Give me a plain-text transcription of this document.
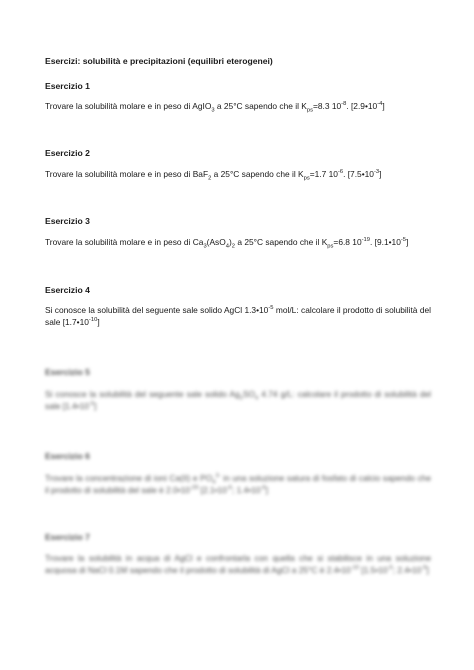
Esercizi: solubilità e precipitazioni (equilibri eterogenei)
Esercizio 1
Trovare la solubilità molare e in peso di AgIO$_3$ a 25°C sapendo che il $K_{ps}=8.3$ $10^{-8}$. $[2.9•10^{-4}]$
Esercizio 2
Trovare la solubilità molare e in peso di BaF$_2$ a 25°C sapendo che il $K_{ps}=1.7$ $10^{-6}$. $[7.5•10^{-3}]$
Esercizio 3
Trovare la solubilità molare e in peso di $Ca_3(AsO_4)_2$ a 25°C sapendo che il $K_{ps}=6.8$ $10^{-19}$. $[9.1•10^{-5}]$
Esercizio 4
Si conosce la solubilità del seguente sale solido AgCl $1.3•10^{-5}$ mol/L: calcolare il prodotto di solubilità del sale $[1.7•10^{-10}]$
Esercizio 5
Si conosce la solubilità del seguente sale solido $Ag_2SO_4$ 4.74 g/L: calcolare il prodotto di solubilità del sale $[1.4•10^{-5}]$
Esercizio 6
Trovare la concentrazione di ioni Ca(II) e $PO_4^{3-}$ in una soluzione satura di fosfato di calcio sapendo che il prodotto di solubilità del sale è $2.0•10^{-29}$ [$2.1•10^{-6}$; $1.4•10^{-6}$]
Esercizio 7
Trovare la solubilità in acqua di AgCl e confrontarla con quella che si stabilisce in una soluzione acquosa di NaCl 0.1M sapendo che il prodotto di solubilità di AgCl a 25°C è $2.4•10^{-10}$ [$1.5•10^{-5}$; $2.4•10^{-9}$]
